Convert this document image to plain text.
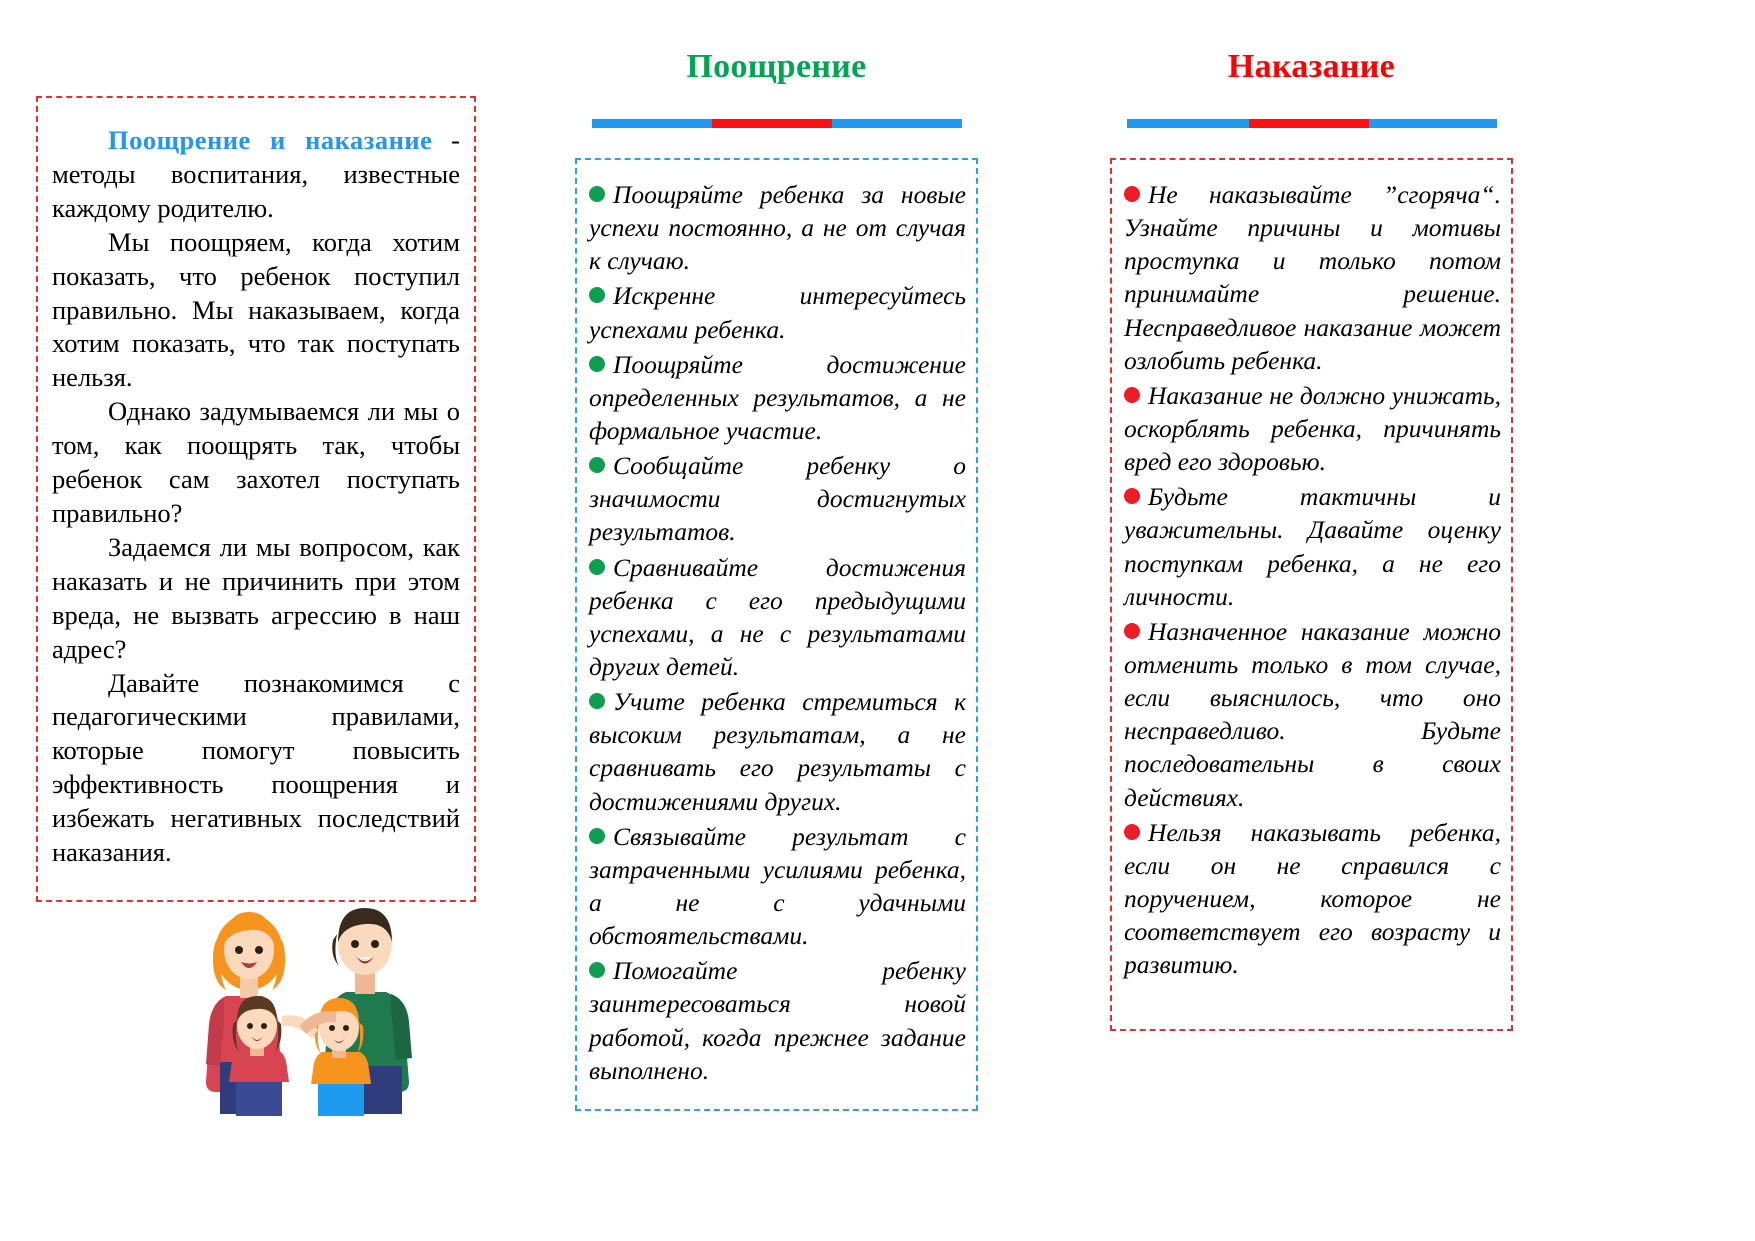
Поощрение и наказание - методы воспитания, известные каждому родителю.

Мы поощряем, когда хотим показать, что ребенок поступил правильно. Мы наказываем, когда хотим показать, что так поступать нельзя.

Однако задумываемся ли мы о том, как поощрять так, чтобы ребенок сам захотел поступать правильно?

Задаемся ли мы вопросом, как наказать и не причинить при этом вреда, не вызвать агрессию в наш адрес?

Давайте познакомимся с педагогическими правилами, которые помогут повысить эффективность поощрения и избежать негативных последствий наказания.

Поощрение

Поощряйте ребенка за новые успехи постоянно, а не от случая к случаю.

Искренне интересуйтесь успехами ребенка.

Поощряйте достижение определенных результатов, а не формальное участие.

Сообщайте ребенку о значимости достигнутых результатов.

Сравнивайте достижения ребенка с его предыдущими успехами, а не с результатами других детей.

Учите ребенка стремиться к высоким результатам, а не сравнивать его результаты с достижениями других.

Связывайте результат с затраченными усилиями ребенка, а не с удачными обстоятельствами.

Помогайте ребенку заинтересоваться новой работой, когда прежнее задание выполнено.

Наказание

Не наказывайте ”сгоряча“. Узнайте причины и мотивы проступка и только потом принимайте решение. Несправедливое наказание может озлобить ребенка.

Наказание не должно унижать, оскорблять ребенка, причинять вред его здоровью.

Будьте тактичны и уважительны. Давайте оценку поступкам ребенка, а не его личности.

Назначенное наказание можно отменить только в том случае, если выяснилось, что оно несправедливо. Будьте последовательны в своих действиях.

Нельзя наказывать ребенка, если он не справился с поручением, которое не соответствует его возрасту и развитию.
